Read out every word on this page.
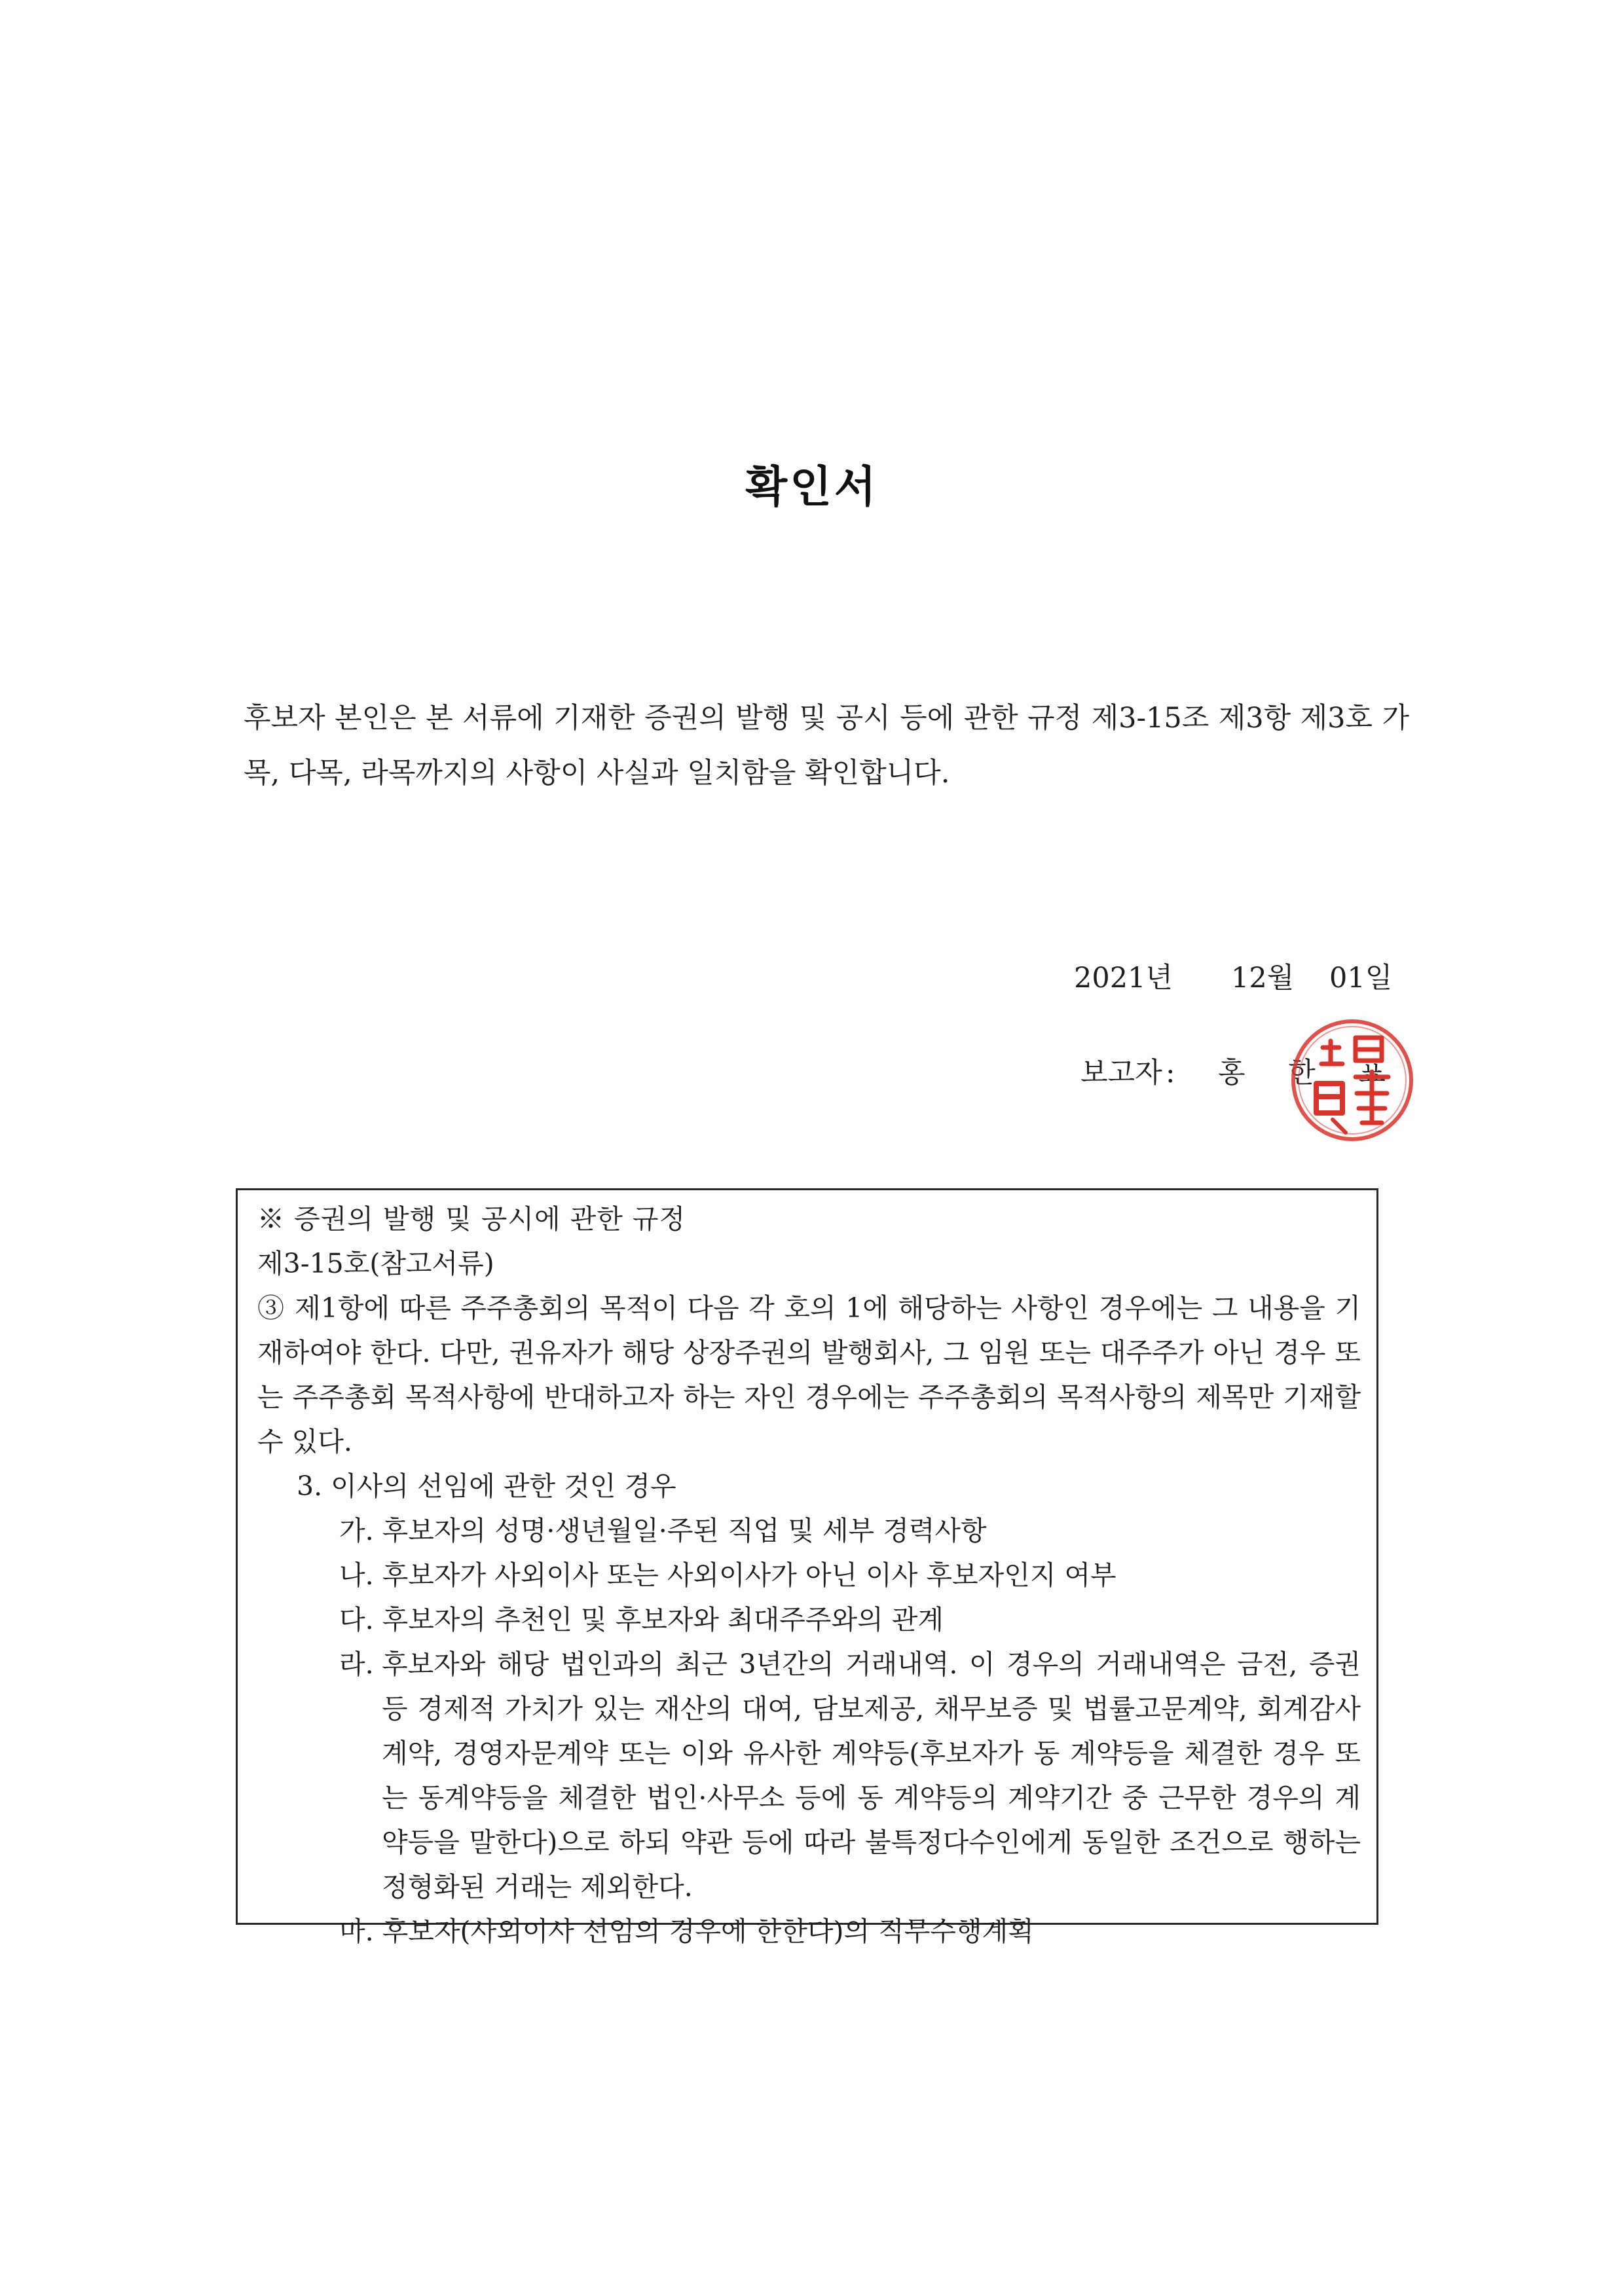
확인서
후보자 본인은 본 서류에 기재한 증권의 발행 및 공시 등에 관한 규정 제3-15조 제3항 제3호 가목, 다목, 라목까지의 사항이 사실과 일치함을 확인합니다.
2021년 12월 01일
보고자 : 홍 한 표
※ 증권의 발행 및 공시에 관한 규정
제3-15호(참고서류)
③ 제1항에 따른 주주총회의 목적이 다음 각 호의 1에 해당하는 사항인 경우에는 그 내용을 기재하여야 한다. 다만, 권유자가 해당 상장주권의 발행회사, 그 임원 또는 대주주가 아닌 경우 또는 주주총회 목적사항에 반대하고자 하는 자인 경우에는 주주총회의 목적사항의 제목만 기재할 수 있다.
3. 이사의 선임에 관한 것인 경우
가. 후보자의 성명·생년월일·주된 직업 및 세부 경력사항
나. 후보자가 사외이사 또는 사외이사가 아닌 이사 후보자인지 여부
다. 후보자의 추천인 및 후보자와 최대주주와의 관계
라. 후보자와 해당 법인과의 최근 3년간의 거래내역. 이 경우의 거래내역은 금전, 증권 등 경제적 가치가 있는 재산의 대여, 담보제공, 채무보증 및 법률고문계약, 회계감사계약, 경영자문계약 또는 이와 유사한 계약등(후보자가 동 계약등을 체결한 경우 또는 동계약등을 체결한 법인·사무소 등에 동 계약등의 계약기간 중 근무한 경우의 계약등을 말한다)으로 하되 약관 등에 따라 불특정다수인에게 동일한 조건으로 행하는 정형화된 거래는 제외한다.
마. 후보자(사외이사 선임의 경우에 한한다)의 직무수행계획
